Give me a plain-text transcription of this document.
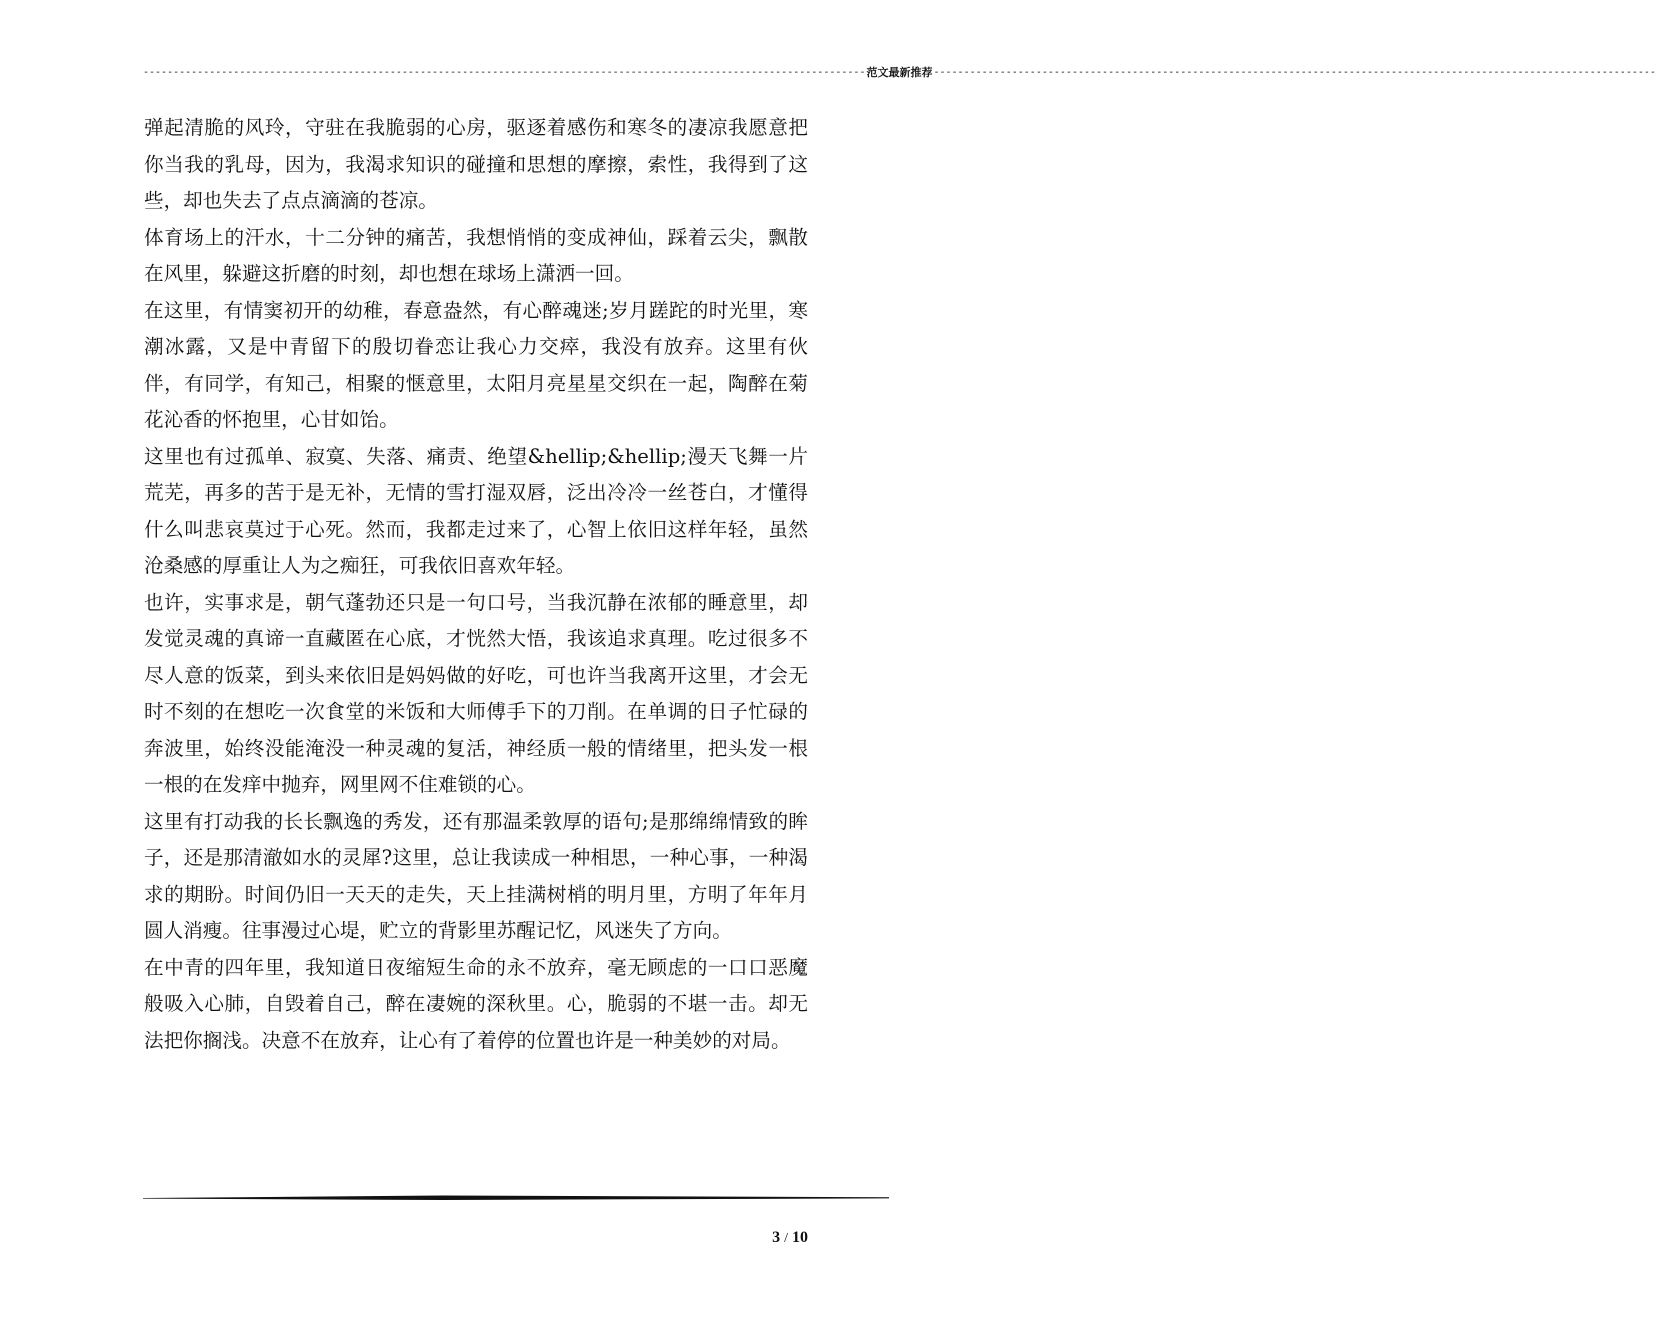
------------------------------------------------------------------------------------------------------------------------ 范文最新推荐 ------------------------------------------------------------------------------------------------------------------------

弹起清脆的风玲，守驻在我脆弱的心房，驱逐着感伤和寒冬的凄凉我愿意把你当我的乳母，因为，我渴求知识的碰撞和思想的摩擦，索性，我得到了这些，却也失去了点点滴滴的苍凉。

体育场上的汗水，十二分钟的痛苦，我想悄悄的变成神仙，踩着云尖，飘散在风里，躲避这折磨的时刻，却也想在球场上潇洒一回。

在这里，有情窦初开的幼稚，春意盎然，有心醉魂迷;岁月蹉跎的时光里，寒潮冰露，又是中青留下的殷切眷恋让我心力交瘁，我没有放弃。这里有伙伴，有同学，有知己，相聚的惬意里，太阳月亮星星交织在一起，陶醉在菊花沁香的怀抱里，心甘如饴。

这里也有过孤单、寂寞、失落、痛责、绝望&hellip;&hellip;漫天飞舞一片荒芜，再多的苦于是无补，无情的雪打湿双唇，泛出冷冷一丝苍白，才懂得什么叫悲哀莫过于心死。然而，我都走过来了，心智上依旧这样年轻，虽然沧桑感的厚重让人为之痴狂，可我依旧喜欢年轻。

也许，实事求是，朝气蓬勃还只是一句口号，当我沉静在浓郁的睡意里，却发觉灵魂的真谛一直藏匿在心底，才恍然大悟，我该追求真理。吃过很多不尽人意的饭菜，到头来依旧是妈妈做的好吃，可也许当我离开这里，才会无时不刻的在想吃一次食堂的米饭和大师傅手下的刀削。在单调的日子忙碌的奔波里，始终没能淹没一种灵魂的复活，神经质一般的情绪里，把头发一根一根的在发痒中抛弃，网里网不住难锁的心。

这里有打动我的长长飘逸的秀发，还有那温柔敦厚的语句;是那绵绵情致的眸子，还是那清澈如水的灵犀?这里，总让我读成一种相思，一种心事，一种渴求的期盼。时间仍旧一天天的走失，天上挂满树梢的明月里，方明了年年月圆人消瘦。往事漫过心堤，贮立的背影里苏醒记忆，风迷失了方向。

在中青的四年里，我知道日夜缩短生命的永不放弃，毫无顾虑的一口口恶魔般吸入心肺，自毁着自己，醉在凄婉的深秋里。心，脆弱的不堪一击。却无法把你搁浅。决意不在放弃，让心有了着停的位置也许是一种美妙的对局。

3 / 10
